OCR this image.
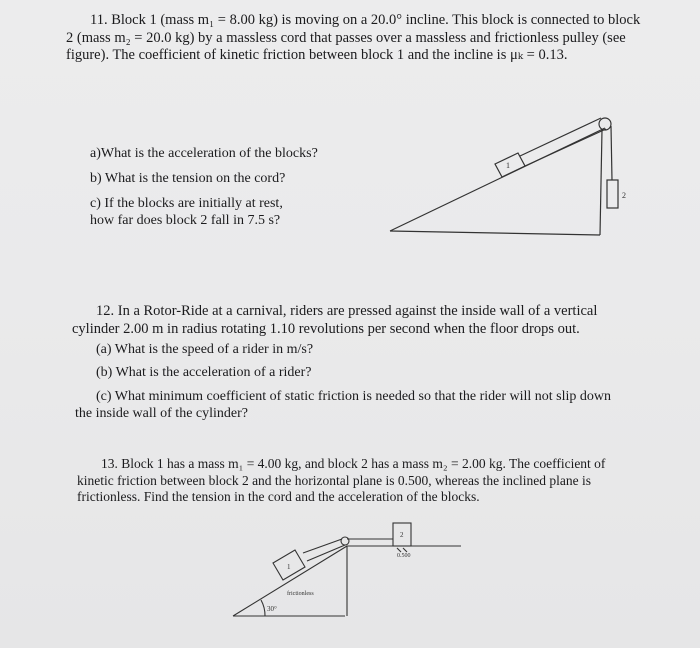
11. Block 1 (mass m₁ = 8.00 kg) is moving on a 20.0° incline. This block is connected to block 2 (mass m₂ = 20.0 kg) by a massless cord that passes over a massless and frictionless pulley (see figure). The coefficient of kinetic friction between block 1 and the incline is μₖ = 0.13.
a)What is the acceleration of the blocks?
b) What is the tension on the cord?
c) If the blocks are initially at rest,
how far does block 2 fall in 7.5 s?
1
2
12. In a Rotor-Ride at a carnival, riders are pressed against the inside wall of a vertical cylinder 2.00 m in radius rotating 1.10 revolutions per second when the floor drops out.
(a) What is the speed of a rider in m/s?
(b) What is the acceleration of a rider?
(c) What minimum coefficient of static friction is needed so that the rider will not slip down the inside wall of the cylinder?
13. Block 1 has a mass m₁ = 4.00 kg, and block 2 has a mass m₂ = 2.00 kg. The coefficient of kinetic friction between block 2 and the horizontal plane is 0.500, whereas the inclined plane is frictionless. Find the tension in the cord and the acceleration of the blocks.
1
2
0.500
frictionless
30°
